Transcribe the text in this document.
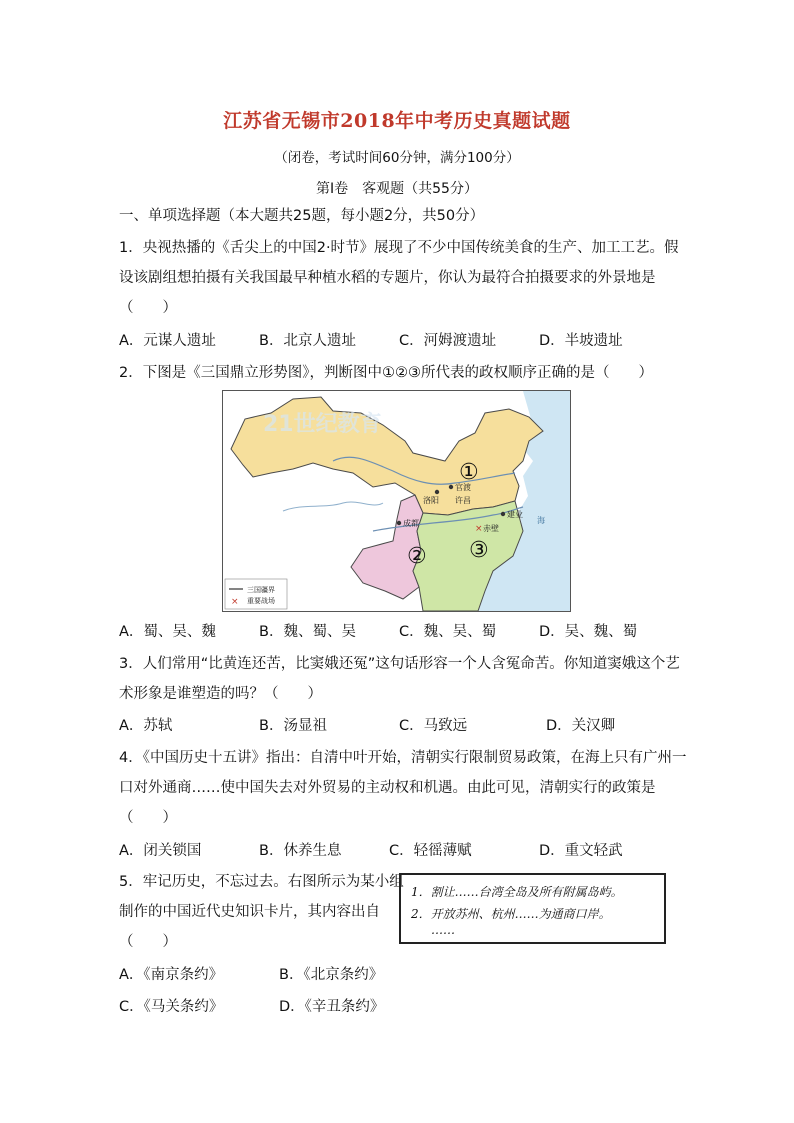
江苏省无锡市2018年中考历史真题试题
（闭卷，考试时间60分钟，满分100分）
第Ⅰ卷　客观题（共55分）
一、单项选择题（本大题共25题，每小题2分，共50分）
1．央视热播的《舌尖上的中国2·时节》展现了不少中国传统美食的生产、加工工艺。假
设该剧组想拍摄有关我国最早种植水稻的专题片，你认为最符合拍摄要求的外景地是
（　　）
A．元谋人遗址	B．北京人遗址	C．河姆渡遗址	D．半坡遗址
2．下图是《三国鼎立形势图》，判断图中①②③所代表的政权顺序正确的是（　　）
21世纪教育
①
② ③
官渡
洛阳 许昌
成都
建业
× 赤壁
海
三国疆界
× 重要战场
A．蜀、吴、魏	B．魏、蜀、吴	C．魏、吴、蜀	D．吴、魏、蜀
3．人们常用“比黄连还苦，比窦娥还冤”这句话形容一个人含冤命苦。你知道窦娥这个艺
术形象是谁塑造的吗？（　　）
A．苏轼	B．汤显祖	C．马致远	D．关汉卿
4．《中国历史十五讲》指出：自清中叶开始，清朝实行限制贸易政策，在海上只有广州一
口对外通商……使中国失去对外贸易的主动权和机遇。由此可见，清朝实行的政策是
（　　）
A．闭关锁国	B．休养生息	C．轻徭薄赋	D．重文轻武
5．牢记历史，不忘过去。右图所示为某小组
制作的中国近代史知识卡片，其内容出自
（　　）
1．割让……台湾全岛及所有附属岛屿。
2．开放苏州、杭州……为通商口岸。
……
A．《南京条约》	B．《北京条约》
C．《马关条约》	D．《辛丑条约》
